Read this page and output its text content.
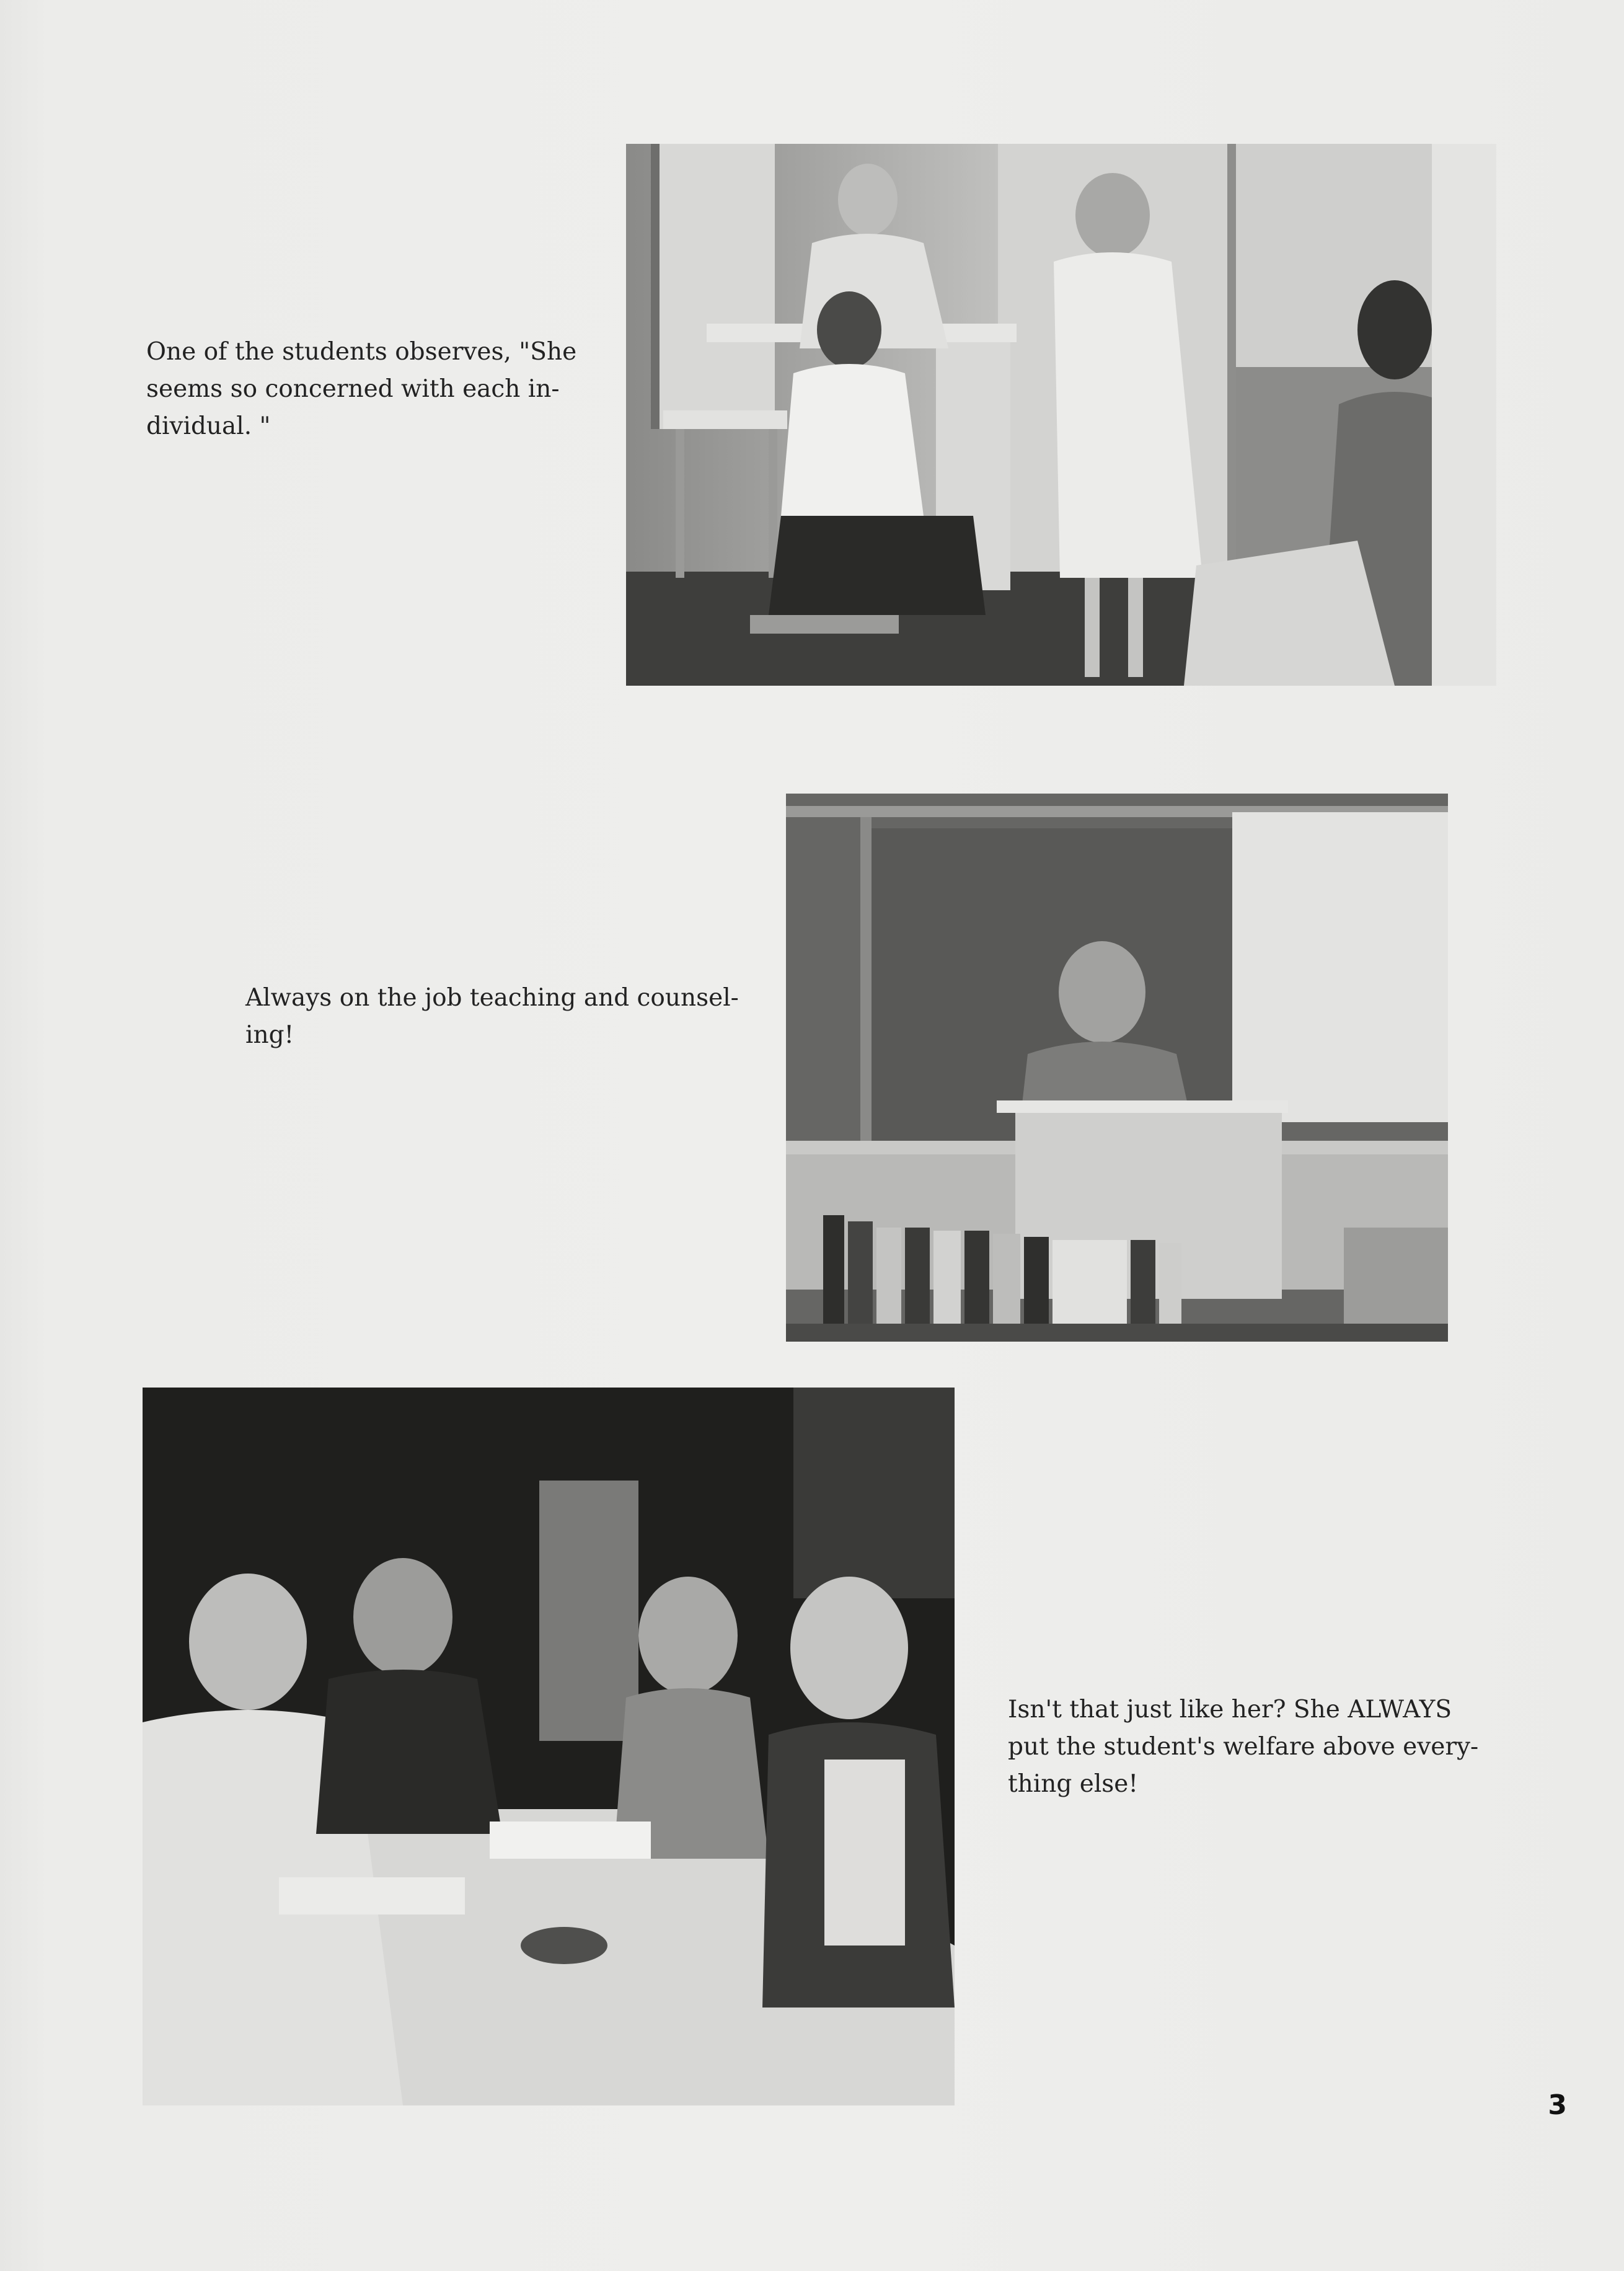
One of the students observes, "She
seems so concerned with each in-
dividual. "

Always on the job teaching and counsel-
ing!

Isn't that just like her? She ALWAYS
put the student's welfare above every-
thing else!

3
